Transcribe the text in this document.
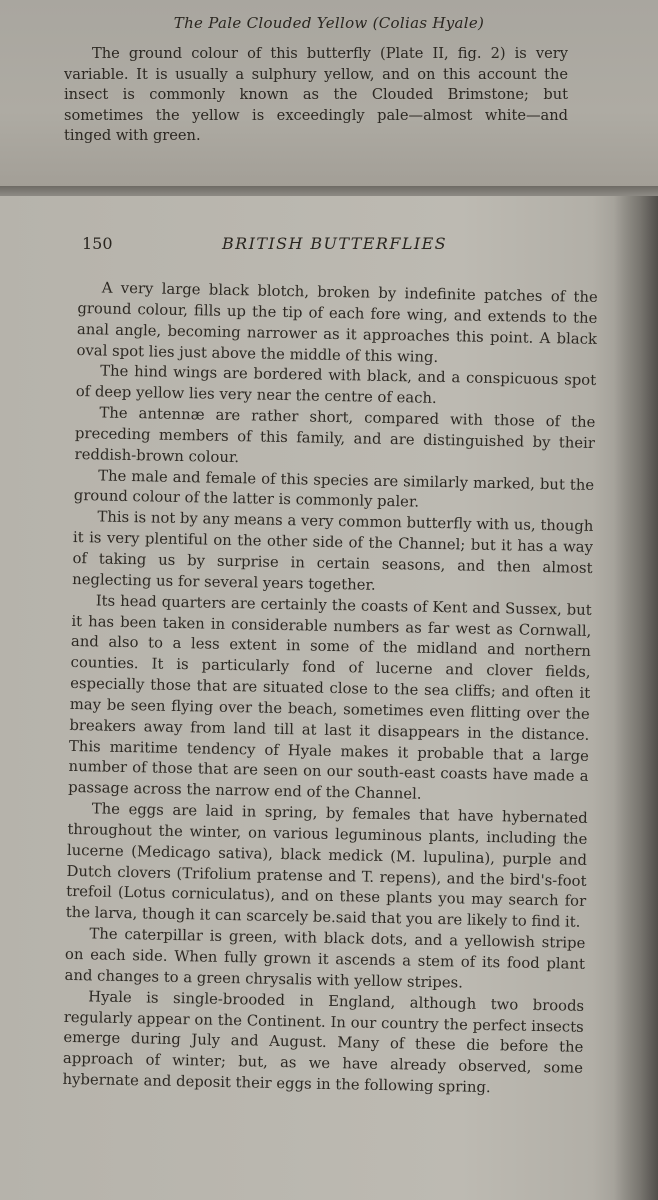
The Pale Clouded Yellow (Colias Hyale)
The ground colour of this butterfly (Plate II, fig. 2) is very variable. It is usually a sulphury yellow, and on this account the insect is commonly known as the Clouded Brimstone; but sometimes the yellow is exceedingly pale—almost white—and tinged with green.
150	BRITISH BUTTERFLIES

A very large black blotch, broken by indefinite patches of the ground colour, fills up the tip of each fore wing, and extends to the anal angle, becoming narrower as it approaches this point. A black oval spot lies just above the middle of this wing.

The hind wings are bordered with black, and a conspicuous spot of deep yellow lies very near the centre of each.

The antennæ are rather short, compared with those of the preceding members of this family, and are distinguished by their reddish-brown colour.

The male and female of this species are similarly marked, but the ground colour of the latter is commonly paler.

This is not by any means a very common butterfly with us, though it is very plentiful on the other side of the Channel; but it has a way of taking us by surprise in certain seasons, and then almost neglecting us for several years together.

Its head quarters are certainly the coasts of Kent and Sussex, but it has been taken in considerable numbers as far west as Cornwall, and also to a less extent in some of the midland and northern counties. It is particularly fond of lucerne and clover fields, especially those that are situated close to the sea cliffs; and often it may be seen flying over the beach, sometimes even flitting over the breakers away from land till at last it disappears in the distance. This maritime tendency of Hyale makes it probable that a large number of those that are seen on our south-east coasts have made a passage across the narrow end of the Channel.

The eggs are laid in spring, by females that have hybernated throughout the winter, on various leguminous plants, including the lucerne (Medicago sativa), black medick (M. lupulina), purple and Dutch clovers (Trifolium pratense and T. repens), and the bird's-foot trefoil (Lotus corniculatus), and on these plants you may search for the larva, though it can scarcely be.said that you are likely to find it.

The caterpillar is green, with black dots, and a yellowish stripe on each side. When fully grown it ascends a stem of its food plant and changes to a green chrysalis with yellow stripes.

Hyale is single-brooded in England, although two broods regularly appear on the Continent. In our country the perfect insects emerge during July and August. Many of these die before the approach of winter; but, as we have already observed, some hybernate and deposit their eggs in the following spring.
